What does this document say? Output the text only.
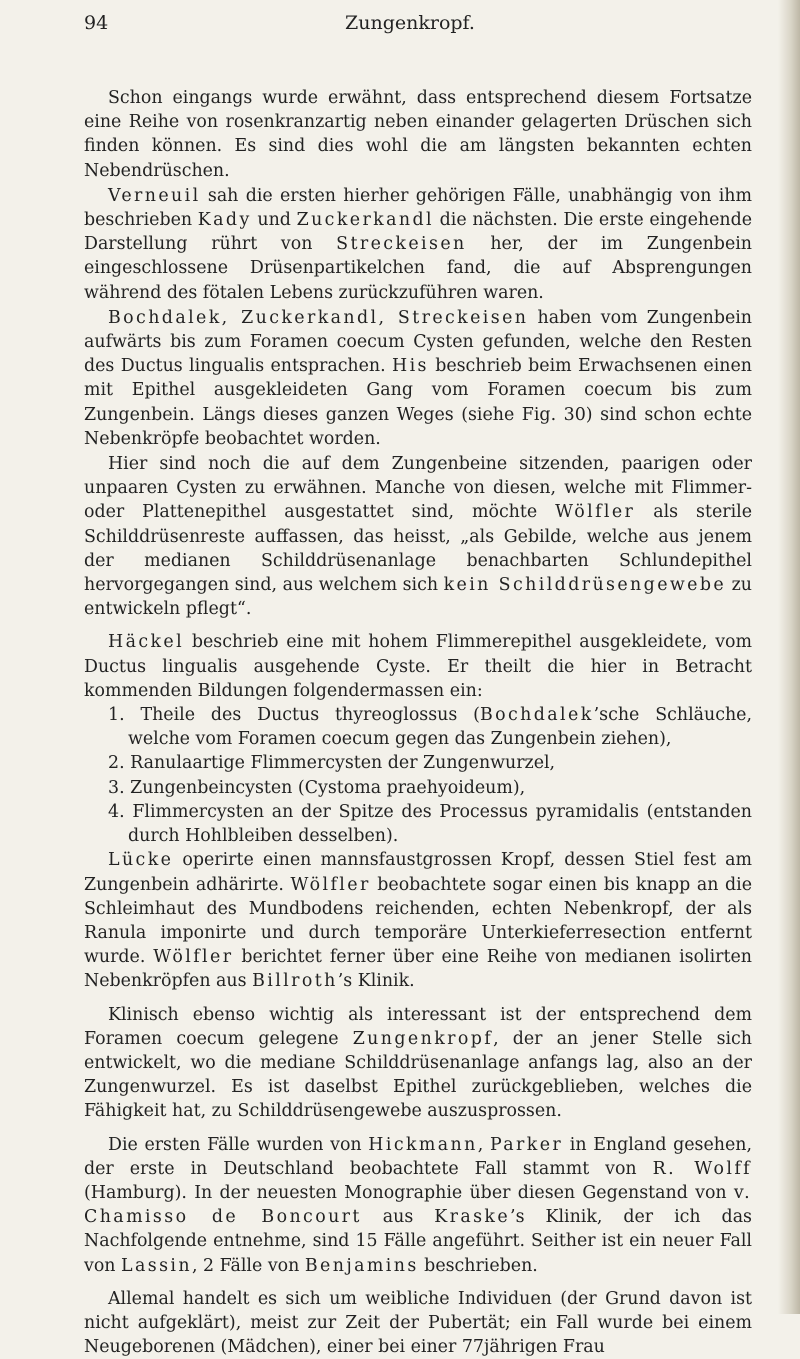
94	Zungenkropf.

Schon eingangs wurde erwähnt, dass entsprechend diesem Fortsatze eine Reihe von rosenkranzartig neben einander gelagerten Drüschen sich finden können. Es sind dies wohl die am längsten bekannten echten Nebendrüschen.

Verneuil sah die ersten hierher gehörigen Fälle, unabhängig von ihm beschrieben Kady und Zuckerkandl die nächsten. Die erste eingehende Darstellung rührt von Streckeisen her, der im Zungenbein eingeschlossene Drüsenpartikelchen fand, die auf Absprengungen während des fötalen Lebens zurückzuführen waren.

Bochdalek, Zuckerkandl, Streckeisen haben vom Zungenbein aufwärts bis zum Foramen coecum Cysten gefunden, welche den Resten des Ductus lingualis entsprachen. His beschrieb beim Erwachsenen einen mit Epithel ausgekleideten Gang vom Foramen coecum bis zum Zungenbein. Längs dieses ganzen Weges (siehe Fig. 30) sind schon echte Nebenkröpfe beobachtet worden.

Hier sind noch die auf dem Zungenbeine sitzenden, paarigen oder unpaaren Cysten zu erwähnen. Manche von diesen, welche mit Flimmer- oder Plattenepithel ausgestattet sind, möchte Wölfler als sterile Schilddrüsenreste auffassen, das heisst, „als Gebilde, welche aus jenem der medianen Schilddrüsenanlage benachbarten Schlundepithel hervorgegangen sind, aus welchem sich kein Schilddrüsengewebe zu entwickeln pflegt“.

Häckel beschrieb eine mit hohem Flimmerepithel ausgekleidete, vom Ductus lingualis ausgehende Cyste. Er theilt die hier in Betracht kommenden Bildungen folgendermassen ein:

1. Theile des Ductus thyreoglossus (Bochdalek’sche Schläuche, welche vom Foramen coecum gegen das Zungenbein ziehen),
2. Ranulaartige Flimmercysten der Zungenwurzel,
3. Zungenbeincysten (Cystoma praehyoideum),
4. Flimmercysten an der Spitze des Processus pyramidalis (entstanden durch Hohlbleiben desselben).

Lücke operirte einen mannsfaustgrossen Kropf, dessen Stiel fest am Zungenbein adhärirte. Wölfler beobachtete sogar einen bis knapp an die Schleimhaut des Mundbodens reichenden, echten Nebenkropf, der als Ranula imponirte und durch temporäre Unterkieferresection entfernt wurde. Wölfler berichtet ferner über eine Reihe von medianen isolirten Nebenkröpfen aus Billroth’s Klinik.

Klinisch ebenso wichtig als interessant ist der entsprechend dem Foramen coecum gelegene Zungenkropf, der an jener Stelle sich entwickelt, wo die mediane Schilddrüsenanlage anfangs lag, also an der Zungenwurzel. Es ist daselbst Epithel zurückgeblieben, welches die Fähigkeit hat, zu Schilddrüsengewebe auszusprossen.

Die ersten Fälle wurden von Hickmann, Parker in England gesehen, der erste in Deutschland beobachtete Fall stammt von R. Wolff (Hamburg). In der neuesten Monographie über diesen Gegenstand von v. Chamisso de Boncourt aus Kraske’s Klinik, der ich das Nachfolgende entnehme, sind 15 Fälle angeführt. Seither ist ein neuer Fall von Lassin, 2 Fälle von Benjamins beschrieben.

Allemal handelt es sich um weibliche Individuen (der Grund davon ist nicht aufgeklärt), meist zur Zeit der Pubertät; ein Fall wurde bei einem Neugeborenen (Mädchen), einer bei einer 77jährigen Frau
